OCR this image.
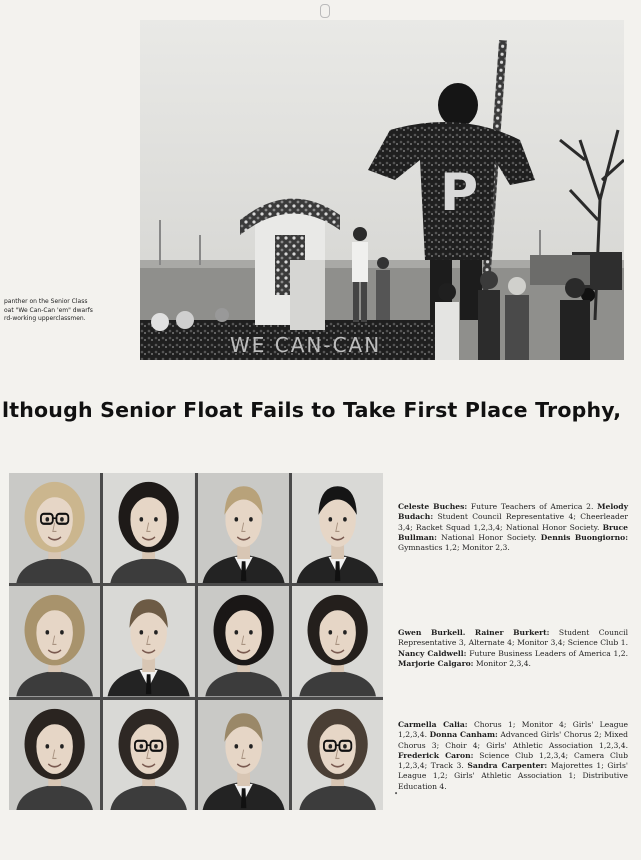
WE CAN-CAN
P
panther on the Senior Class
oat "We Can-Can 'em" dwarfs
rd-working upperclassmen.
lthough Senior Float Fails to Take First Place Trophy,
Celeste Buches: Future Teachers of America 2. Melody Budach: Student Council Representative 4; Cheerleader 3,4; Racket Squad 1,2,3,4; National Honor Society. Bruce Bullman: National Honor Society. Dennis Buongiorno: Gymnastics 1,2; Monitor 2,3.
Gwen Burkell. Rainer Burkert: Student Council Representative 3, Alternate 4; Monitor 3,4; Science Club 1. Nancy Caldwell: Future Business Leaders of America 1,2. Marjorie Calgaro: Monitor 2,3,4.
Carmella Calia: Chorus 1; Monitor 4; Girls' League 1,2,3,4. Donna Canham: Advanced Girls' Chorus 2; Mixed Chorus 3; Choir 4; Girls' Athletic Association 1,2,3,4. Frederick Caron: Science Club 1,2,3,4; Camera Club 1,2,3,4; Track 3. Sandra Carpenter: Majorettes 1; Girls' League 1,2; Girls' Athletic Association 1; Distributive Education 4.
•
